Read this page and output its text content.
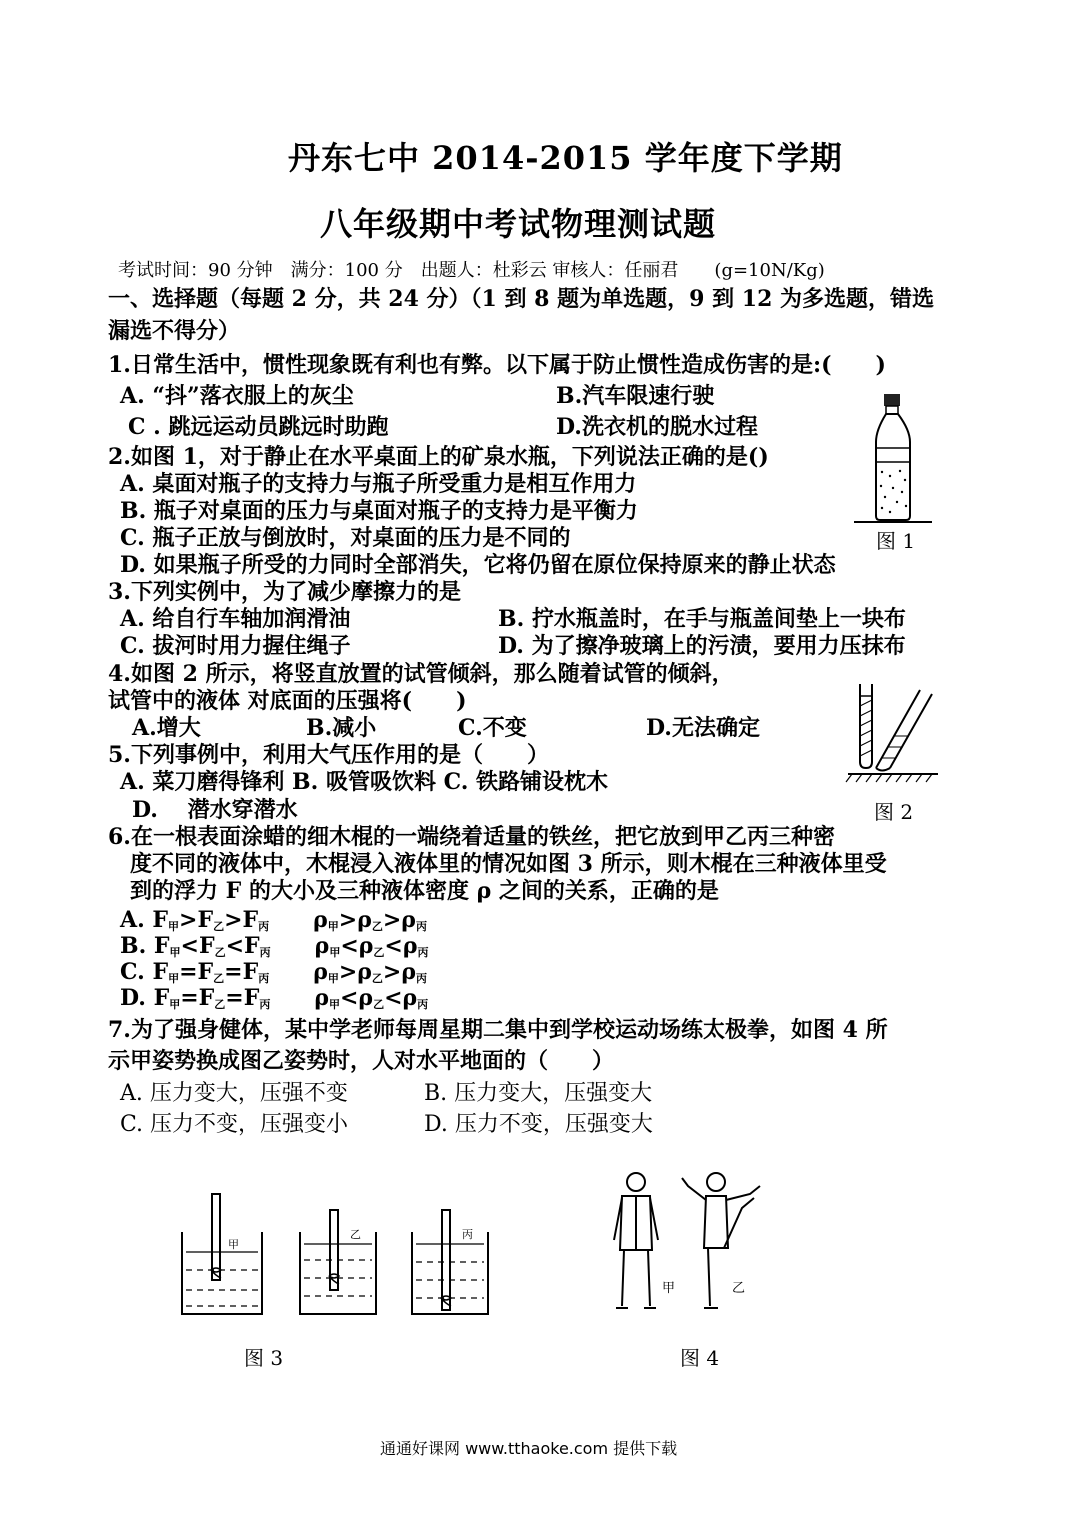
丹东七中 2014-2015 学年度下学期
八年级期中考试物理测试题
考试时间：90 分钟　满分：100 分　出题人：杜彩云 审核人：任丽君　　(g=10N/Kg)
一、选择题（每题 2 分，共 24 分）（1 到 8 题为单选题，9 到 12 为多选题，错选
漏选不得分）
1.日常生活中，惯性现象既有利也有弊。以下属于防止惯性造成伤害的是:(　　)
A. “抖”落衣服上的灰尘	B.汽车限速行驶
C . 跳远运动员跳远时助跑	D.洗衣机的脱水过程
图 1
2.如图 1，对于静止在水平桌面上的矿泉水瓶，下列说法正确的是()
A. 桌面对瓶子的支持力与瓶子所受重力是相互作用力
B. 瓶子对桌面的压力与桌面对瓶子的支持力是平衡力
C. 瓶子正放与倒放时，对桌面的压力是不同的
D. 如果瓶子所受的力同时全部消失，它将仍留在原位保持原来的静止状态
3.下列实例中，为了减少摩擦力的是
A. 给自行车轴加润滑油	B. 拧水瓶盖时，在手与瓶盖间垫上一块布
C. 拔河时用力握住绳子	D. 为了擦净玻璃上的污渍，要用力压抹布
4.如图 2 所示，将竖直放置的试管倾斜，那么随着试管的倾斜，
试管中的液体 对底面的压强将(　　)
A.增大	B.减小	C.不变	D.无法确定
5.下列事例中，利用大气压作用的是（　　）
A. 菜刀磨得锋利 B. 吸管吸饮料 C. 铁路铺设枕木
D. 　潜水穿潜水	图 2
6.在一根表面涂蜡的细木棍的一端绕着适量的铁丝，把它放到甲乙丙三种密
度不同的液体中，木棍浸入液体里的情况如图 3 所示，则木棍在三种液体里受
到的浮力 F 的大小及三种液体密度 ρ 之间的关系，正确的是
A. $F_甲>F_乙>F_丙$　　$\rho_甲>\rho_乙>\rho_丙$
B. $F_甲<F_乙<F_丙$　　$\rho_甲<\rho_乙<\rho_丙$
C. $F_甲=F_乙=F_丙$　　$\rho_甲>\rho_乙>\rho_丙$
D. $F_甲=F_乙=F_丙$　　$\rho_甲<\rho_乙<\rho_丙$
7.为了强身健体，某中学老师每周星期二集中到学校运动场练太极拳，如图 4 所
示甲姿势换成图乙姿势时，人对水平地面的（　　）
A. 压力变大，压强不变	B. 压力变大，压强变大
C. 压力不变，压强变小	D. 压力不变，压强变大
甲
乙	丙
图 3
甲	乙
图 4
通通好课网 www.tthaoke.com 提供下载
